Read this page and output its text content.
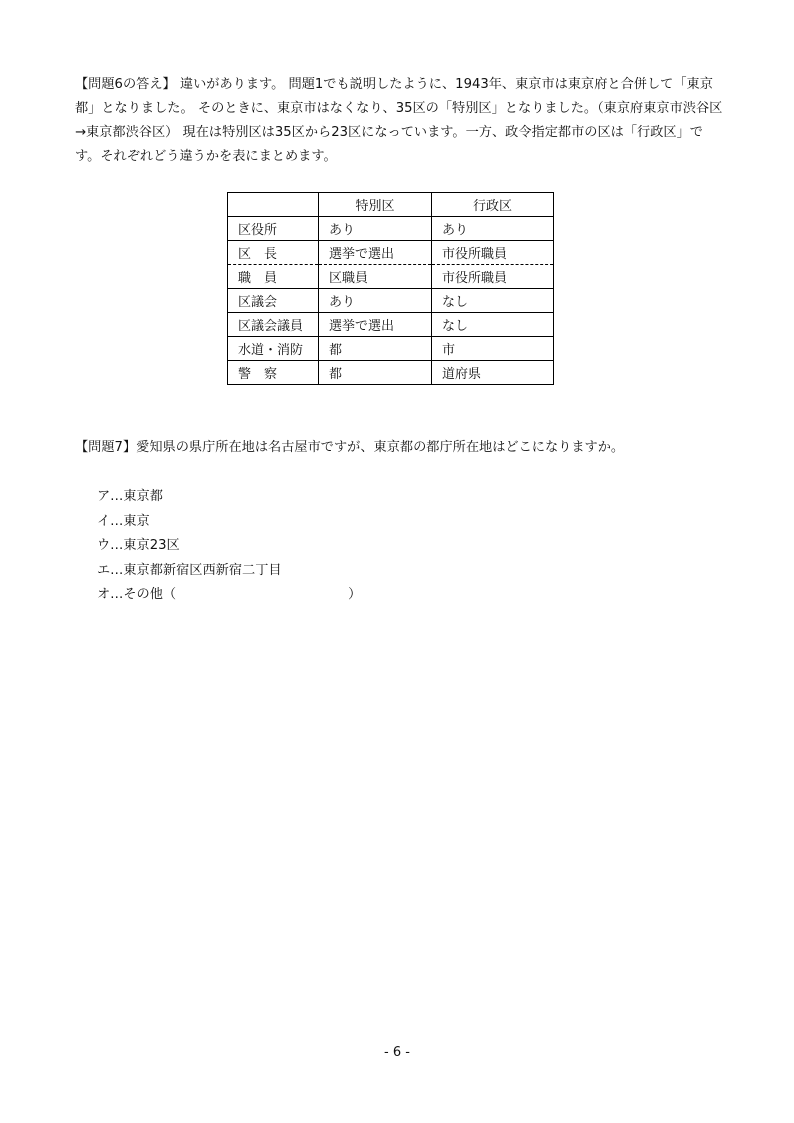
【問題6の答え】 違いがあります。 問題1でも説明したように、1943年、東京市は東京府と合併して「東京都」となりました。 そのときに、東京市はなくなり、35区の「特別区」となりました。（東京府東京市渋谷区→東京都渋谷区） 現在は特別区は35区から23区になっています。一方、政令指定都市の区は「行政区」です。それぞれどう違うかを表にまとめます。

	特別区	行政区
区役所	あり	あり
区　長	選挙で選出	市役所職員
職　員	区職員	市役所職員
区議会	あり	なし
区議会議員	選挙で選出	なし
水道・消防	都	市
警　察	都	道府県

【問題7】愛知県の県庁所在地は名古屋市ですが、東京都の都庁所在地はどこになりますか。

ア…東京都
イ…東京
ウ…東京23区
エ…東京都新宿区西新宿二丁目
オ…その他（	）
- 6 -
